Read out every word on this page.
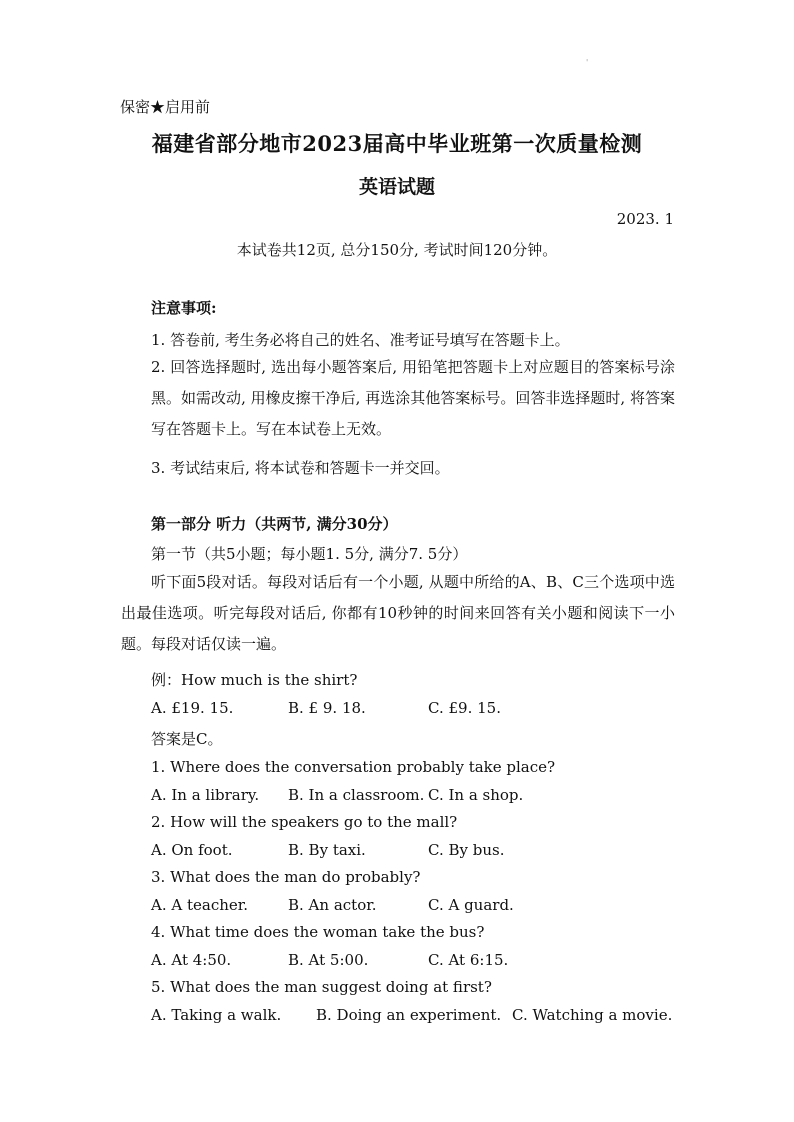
'
保密★启用前
福建省部分地市2023届高中毕业班第一次质量检测
英语试题
2023. 1
本试卷共12页, 总分150分, 考试时间120分钟。
注意事项:
1. 答卷前, 考生务必将自己的姓名、准考证号填写在答题卡上。
2. 回答选择题时, 选出每小题答案后, 用铅笔把答题卡上对应题目的答案标号涂黑。如需改动, 用橡皮擦干净后, 再选涂其他答案标号。回答非选择题时, 将答案写在答题卡上。写在本试卷上无效。
3. 考试结束后, 将本试卷和答题卡一并交回。
第一部分 听力（共两节, 满分30分）
第一节（共5小题；每小题1. 5分, 满分7. 5分）
听下面5段对话。每段对话后有一个小题, 从题中所给的A、B、C三个选项中选出最佳选项。听完每段对话后, 你都有10秒钟的时间来回答有关小题和阅读下一小题。每段对话仅读一遍。
例：How much is the shirt?
A. £19. 15.	B. £ 9. 18.	C. £9. 15.
答案是C。
1. Where does the conversation probably take place?
A. In a library. B. In a classroom. C. In a shop.
2. How will the speakers go to the mall?
A. On foot.	B. By taxi.	C. By bus.
3. What does the man do probably?
A. A teacher.	B. An actor.	C. A guard.
4. What time does the woman take the bus?
A. At 4:50.	B. At 5:00.	C. At 6:15.
5. What does the man suggest doing at first?
A. Taking a walk. B. Doing an experiment. C. Watching a movie.
